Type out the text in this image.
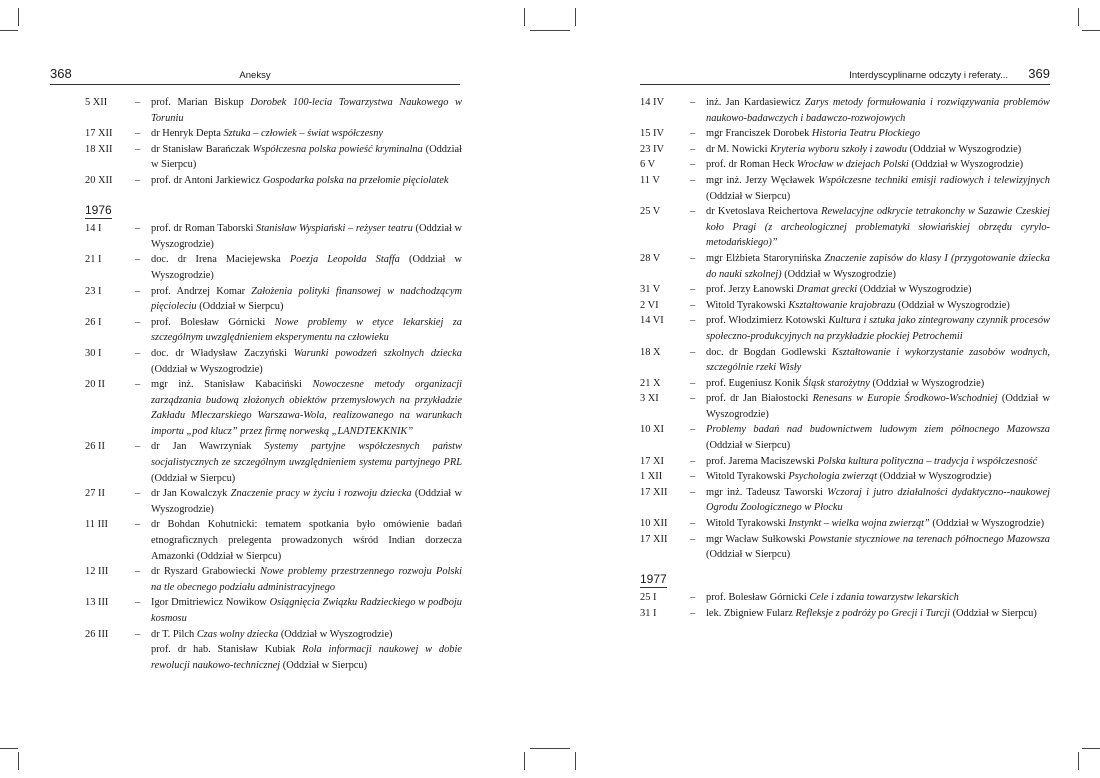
368	Aneksy
5 XII	– prof. Marian Biskup Dorobek 100-lecia Towarzystwa Naukowego w Toruniu
17 XII – dr Henryk Depta Sztuka – człowiek – świat współczesny
18 XII – dr Stanisław Barańczak Współczesna polska powieść kryminalna (Oddział w Sierpcu)
20 XII – prof. dr Antoni Jarkiewicz Gospodarka polska na przełomie pięciolatek
1976
14 I	– prof. dr Roman Taborski Stanisław Wyspiański – reżyser teatru (Oddział w Wyszogrodzie)
21 I	– doc. dr Irena Maciejewska Poezja Leopolda Staffa (Oddział w Wyszogrodzie)
23 I	– prof. Andrzej Komar Założenia polityki finansowej w nadchodzącym pięcioleciu (Oddział w Sierpcu)
26 I	– prof. Bolesław Górnicki Nowe problemy w etyce lekarskiej za szczególnym uwzględnieniem eksperymentu na człowieku
30 I	– doc. dr Władysław Zaczyński Warunki powodzeń szkolnych dziecka (Oddział w Wyszogrodzie)
20 II	– mgr inż. Stanisław Kabaciński Nowoczesne metody organizacji zarządzania budową złożonych obiektów przemysłowych na przykładzie Zakładu Mleczarskiego Warszawa-Wola, realizowanego na warunkach importu „pod klucz” przez firmę norweską „LANDTEKKNIK”
26 II	– dr Jan Wawrzyniak Systemy partyjne współczesnych państw socjalistycznych ze szczególnym uwzględnieniem systemu partyjnego PRL (Oddział w Sierpcu)
27 II	– dr Jan Kowalczyk Znaczenie pracy w życiu i rozwoju dziecka (Oddział w Wyszogrodzie)
11 III	– dr Bohdan Kohutnicki: tematem spotkania było omówienie badań etnograficznych prelegenta prowadzonych wśród Indian dorzecza Amazonki (Oddział w Sierpcu)
12 III	– dr Ryszard Grabowiecki Nowe problemy przestrzennego rozwoju Polski na tle obecnego podziału administracyjnego
13 III	– Igor Dmitriewicz Nowikow Osiągnięcia Związku Radzieckiego w podboju kosmosu
26 III	– dr T. Pilch Czas wolny dziecka (Oddział w Wyszogrodzie)
prof. dr hab. Stanisław Kubiak Rola informacji naukowej w dobie rewolucji naukowo-technicznej (Oddział w Sierpcu)
Interdyscyplinarne odczyty i referaty... 369
14 IV	– inż. Jan Kardasiewicz Zarys metody formułowania i rozwiązywania problemów naukowo-badawczych i badawczo-rozwojowych
15 IV	– mgr Franciszek Dorobek Historia Teatru Płockiego
23 IV	– dr M. Nowicki Kryteria wyboru szkoły i zawodu (Oddział w Wyszogrodzie)
6 V	– prof. dr Roman Heck Wrocław w dziejach Polski (Oddział w Wyszogrodzie)
11 V	– mgr inż. Jerzy Węcławek Współczesne techniki emisji radiowych i telewizyjnych (Oddział w Sierpcu)
25 V	– dr Kvetoslava Reichertova Rewelacyjne odkrycie tetrakonchy w Sazawie Czeskiej koło Pragi (z archeologicznej problematyki słowiańskiej obrzędu cyrylo-metodańskiego)”
28 V	– mgr Elżbieta Staroryпińska Znaczenie zapisów do klasy I (przygotowanie dziecka do nauki szkolnej) (Oddział w Wyszogrodzie)
31 V	– prof. Jerzy Łanowski Dramat grecki (Oddział w Wyszogrodzie)
2 VI	– Witold Tyrakowski Kształtowanie krajobrazu (Oddział w Wyszogrodzie)
14 VI	– prof. Włodzimierz Kotowski Kultura i sztuka jako zintegrowany czynnik procesów społeczno-produkcyjnych na przykładzie płockiej Petrochemii
18 X	– doc. dr Bogdan Godlewski Kształtowanie i wykorzystanie zasobów wodnych, szczególnie rzeki Wisły
21 X	– prof. Eugeniusz Konik Śląsk starożytny (Oddział w Wyszogrodzie)
3 XI	– prof. dr Jan Białostocki Renesans w Europie Środkowo-Wschodniej (Oddział w Wyszogrodzie)
10 XI	– Problemy badań nad budownictwem ludowym ziem północnego Mazowsza (Oddział w Sierpcu)
17 XI	– prof. Jarema Maciszewski Polska kultura polityczna – tradycja i współczesność
1 XII	– Witold Tyrakowski Psychologia zwierząt (Oddział w Wyszogrodzie)
17 XII – mgr inż. Tadeusz Taworski Wczoraj i jutro działalności dydaktyczno--naukowej Ogrodu Zoologicznego w Płocku
10 XII – Witold Tyrakowski Instynkt – wielka wojna zwierząt” (Oddział w Wyszogrodzie)
17 XII – mgr Wacław Sułkowski Powstanie styczniowe na terenach północnego Mazowsza (Oddział w Sierpcu)
1977
25 I	– prof. Bolesław Górnicki Cele i zdania towarzystw lekarskich
31 I	– lek. Zbigniew Fularz Refleksje z podróży po Grecji i Turcji (Oddział w Sierpcu)
